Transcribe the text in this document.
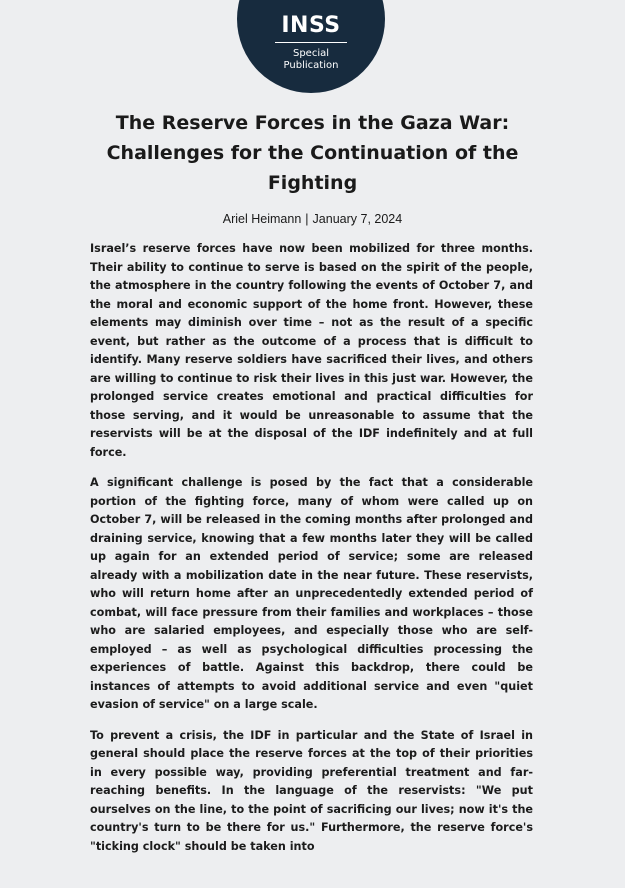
INSS
Special
Publication
The Reserve Forces in the Gaza War: Challenges for the Continuation of the Fighting
Ariel Heimann | January 7, 2024

Israel’s reserve forces have now been mobilized for three months. Their ability to continue to serve is based on the spirit of the people, the atmosphere in the country following the events of October 7, and the moral and economic support of the home front. However, these elements may diminish over time – not as the result of a specific event, but rather as the outcome of a process that is difficult to identify. Many reserve soldiers have sacrificed their lives, and others are willing to continue to risk their lives in this just war. However, the prolonged service creates emotional and practical difficulties for those serving, and it would be unreasonable to assume that the reservists will be at the disposal of the IDF indefinitely and at full force.

A significant challenge is posed by the fact that a considerable portion of the fighting force, many of whom were called up on October 7, will be released in the coming months after prolonged and draining service, knowing that a few months later they will be called up again for an extended period of service; some are released already with a mobilization date in the near future. These reservists, who will return home after an unprecedentedly extended period of combat, will face pressure from their families and workplaces – those who are salaried employees, and especially those who are self-employed – as well as psychological difficulties processing the experiences of battle. Against this backdrop, there could be instances of attempts to avoid additional service and even "quiet evasion of service" on a large scale.

To prevent a crisis, the IDF in particular and the State of Israel in general should place the reserve forces at the top of their priorities in every possible way, providing preferential treatment and far-reaching benefits. In the language of the reservists: "We put ourselves on the line, to the point of sacrificing our lives; now it's the country's turn to be there for us." Furthermore, the reserve force's "ticking clock" should be taken into
